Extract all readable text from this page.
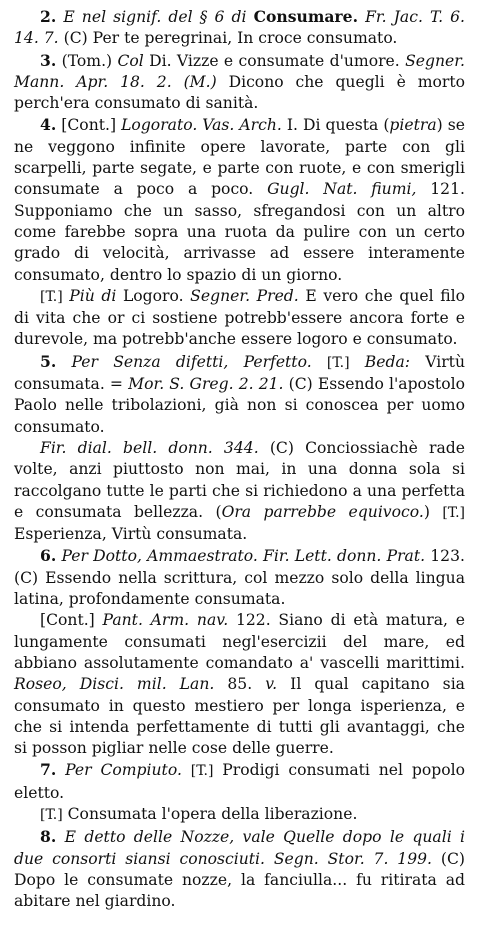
2. E nel signif. del § 6 di Consumare. Fr. Jac. T. 6. 14. 7. (C) Per te peregrinai, In croce consumato.

3. (Tom.) Col Di. Vizze e consumate d'umore. Segner. Mann. Apr. 18. 2. (M.) Dicono che quegli è morto perch'era consumato di sanità.

4. [Cont.] Logorato. Vas. Arch. I. Di questa (pietra) se ne veggono infinite opere lavorate, parte con gli scarpelli, parte segate, e parte con ruote, e con smerigli consumate a poco a poco. Gugl. Nat. fiumi, 121. Supponiamo che un sasso, sfregandosi con un altro come farebbe sopra una ruota da pulire con un certo grado di velocità, arrivasse ad essere interamente consumato, dentro lo spazio di un giorno.

[T.] Più di Logoro. Segner. Pred. E vero che quel filo di vita che or ci sostiene potrebb'essere ancora forte e durevole, ma potrebb'anche essere logoro e consumato.

5. Per Senza difetti, Perfetto. [T.] Beda: Virtù consumata. = Mor. S. Greg. 2. 21. (C) Essendo l'apostolo Paolo nelle tribolazioni, già non si conoscea per uomo consumato.

Fir. dial. bell. donn. 344. (C) Conciossiachè rade volte, anzi piuttosto non mai, in una donna sola si raccolgano tutte le parti che si richiedono a una perfetta e consumata bellezza. (Ora parrebbe equivoco.) [T.] Esperienza, Virtù consumata.

6. Per Dotto, Ammaestrato. Fir. Lett. donn. Prat. 123. (C) Essendo nella scrittura, col mezzo solo della lingua latina, profondamente consumata.

[Cont.] Pant. Arm. nav. 122. Siano di età matura, e lungamente consumati negl'esercizii del mare, ed abbiano assolutamente comandato a' vascelli marittimi. Roseo, Disci. mil. Lan. 85. v. Il qual capitano sia consumato in questo mestiero per longa isperienza, e che si intenda perfettamente di tutti gli avantaggi, che si posson pigliar nelle cose delle guerre.

7. Per Compiuto. [T.] Prodigi consumati nel popolo eletto.

[T.] Consumata l'opera della liberazione.

8. E detto delle Nozze, vale Quelle dopo le quali i due consorti siansi conosciuti. Segn. Stor. 7. 199. (C) Dopo le consumate nozze, la fanciulla... fu ritirata ad abitare nel giardino.
